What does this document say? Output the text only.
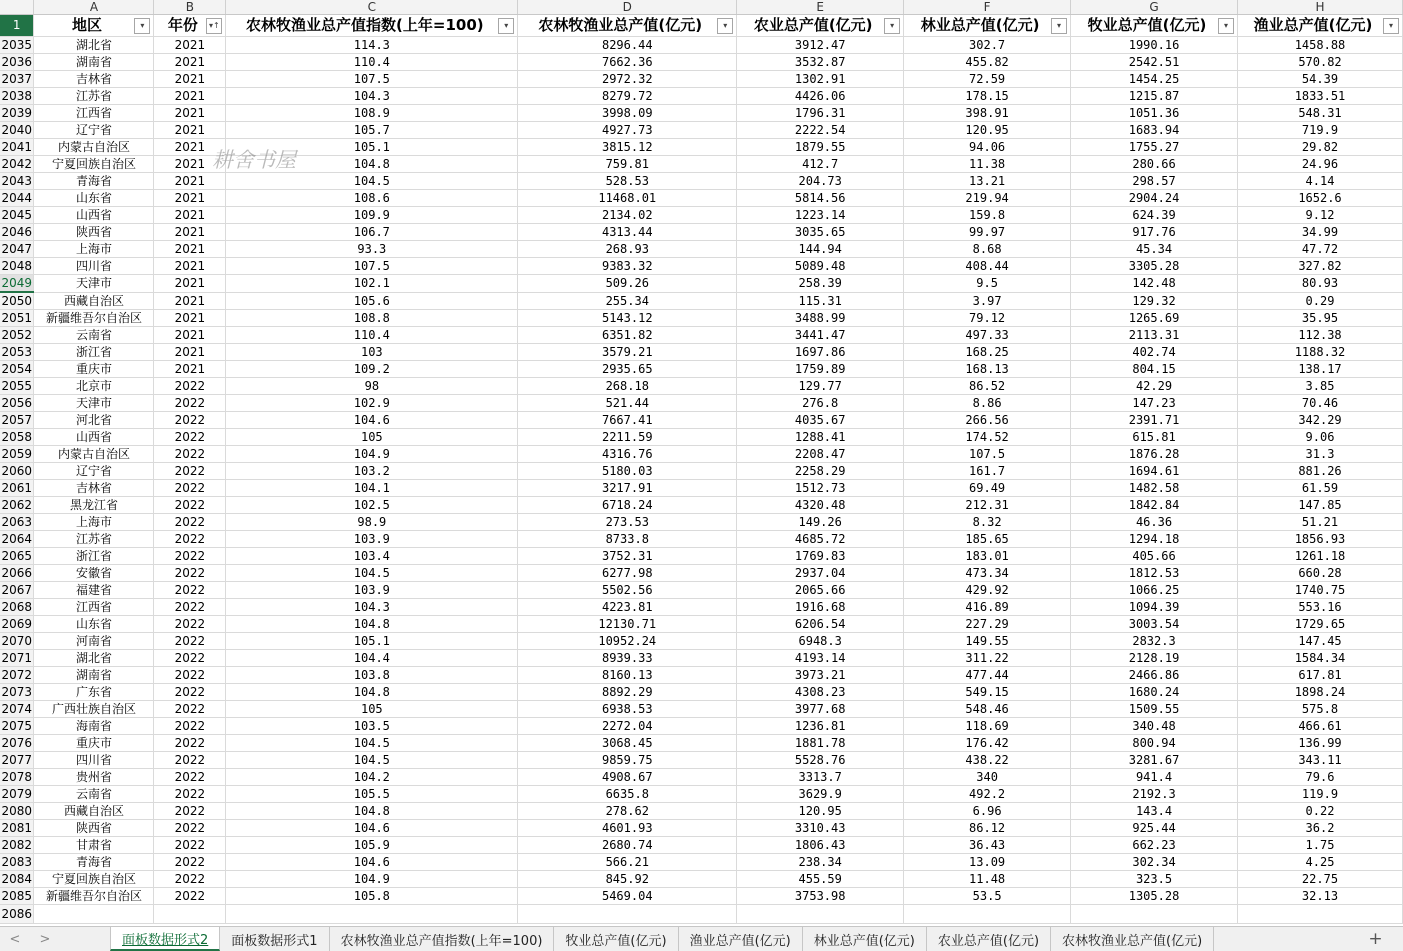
	A	B	C	D	E	F	G	H
1	地区 ▾	年份 ▾↑	农林牧渔业总产值指数(上年=100) ▾	农林牧渔业总产值(亿元) ▾	农业总产值(亿元) ▾	林业总产值(亿元) ▾	牧业总产值(亿元) ▾	渔业总产值(亿元) ▾

2035	湖北省	2021	114.3	8296.44	3912.47	302.7	1990.16	1458.88
2036	湖南省	2021	110.4	7662.36	3532.87	455.82	2542.51	570.82
2037	吉林省	2021	107.5	2972.32	1302.91	72.59	1454.25	54.39
2038	江苏省	2021	104.3	8279.72	4426.06	178.15	1215.87	1833.51
2039	江西省	2021	108.9	3998.09	1796.31	398.91	1051.36	548.31
2040	辽宁省	2021	105.7	4927.73	2222.54	120.95	1683.94	719.9
2041	内蒙古自治区	2021	105.1	3815.12	1879.55	94.06	1755.27	29.82
2042	宁夏回族自治区	2021	104.8	759.81	412.7	11.38	280.66	24.96
2043	青海省	2021	104.5	528.53	204.73	13.21	298.57	4.14
2044	山东省	2021	108.6	11468.01	5814.56	219.94	2904.24	1652.6
2045	山西省	2021	109.9	2134.02	1223.14	159.8	624.39	9.12
2046	陕西省	2021	106.7	4313.44	3035.65	99.97	917.76	34.99
2047	上海市	2021	93.3	268.93	144.94	8.68	45.34	47.72
2048	四川省	2021	107.5	9383.32	5089.48	408.44	3305.28	327.82
2049	天津市	2021	102.1	509.26	258.39	9.5	142.48	80.93
2050	西藏自治区	2021	105.6	255.34	115.31	3.97	129.32	0.29
2051	新疆维吾尔自治区	2021	108.8	5143.12	3488.99	79.12	1265.69	35.95
2052	云南省	2021	110.4	6351.82	3441.47	497.33	2113.31	112.38
2053	浙江省	2021	103	3579.21	1697.86	168.25	402.74	1188.32
2054	重庆市	2021	109.2	2935.65	1759.89	168.13	804.15	138.17
2055	北京市	2022	98	268.18	129.77	86.52	42.29	3.85
2056	天津市	2022	102.9	521.44	276.8	8.86	147.23	70.46
2057	河北省	2022	104.6	7667.41	4035.67	266.56	2391.71	342.29
2058	山西省	2022	105	2211.59	1288.41	174.52	615.81	9.06
2059	内蒙古自治区	2022	104.9	4316.76	2208.47	107.5	1876.28	31.3
2060	辽宁省	2022	103.2	5180.03	2258.29	161.7	1694.61	881.26
2061	吉林省	2022	104.1	3217.91	1512.73	69.49	1482.58	61.59
2062	黑龙江省	2022	102.5	6718.24	4320.48	212.31	1842.84	147.85
2063	上海市	2022	98.9	273.53	149.26	8.32	46.36	51.21
2064	江苏省	2022	103.9	8733.8	4685.72	185.65	1294.18	1856.93
2065	浙江省	2022	103.4	3752.31	1769.83	183.01	405.66	1261.18
2066	安徽省	2022	104.5	6277.98	2937.04	473.34	1812.53	660.28
2067	福建省	2022	103.9	5502.56	2065.66	429.92	1066.25	1740.75
2068	江西省	2022	104.3	4223.81	1916.68	416.89	1094.39	553.16
2069	山东省	2022	104.8	12130.71	6206.54	227.29	3003.54	1729.65
2070	河南省	2022	105.1	10952.24	6948.3	149.55	2832.3	147.45
2071	湖北省	2022	104.4	8939.33	4193.14	311.22	2128.19	1584.34
2072	湖南省	2022	103.8	8160.13	3973.21	477.44	2466.86	617.81
2073	广东省	2022	104.8	8892.29	4308.23	549.15	1680.24	1898.24
2074	广西壮族自治区	2022	105	6938.53	3977.68	548.46	1509.55	575.8
2075	海南省	2022	103.5	2272.04	1236.81	118.69	340.48	466.61
2076	重庆市	2022	104.5	3068.45	1881.78	176.42	800.94	136.99
2077	四川省	2022	104.5	9859.75	5528.76	438.22	3281.67	343.11
2078	贵州省	2022	104.2	4908.67	3313.7	340	941.4	79.6
2079	云南省	2022	105.5	6635.8	3629.9	492.2	2192.3	119.9
2080	西藏自治区	2022	104.8	278.62	120.95	6.96	143.4	0.22
2081	陕西省	2022	104.6	4601.93	3310.43	86.12	925.44	36.2
2082	甘肃省	2022	105.9	2680.74	1806.43	36.43	662.23	1.75
2083	青海省	2022	104.6	566.21	238.34	13.09	302.34	4.25
2084	宁夏回族自治区	2022	104.9	845.92	455.59	11.48	323.5	22.75
2085	新疆维吾尔自治区	2022	105.8	5469.04	3753.98	53.5	1305.28	32.13
2086								
耕舍书屋
<	>	面板数据形式2	面板数据形式1	农林牧渔业总产值指数(上年=100)	牧业总产值(亿元)	渔业总产值(亿元)	林业总产值(亿元)	农业总产值(亿元)	农林牧渔业总产值(亿元)	+
